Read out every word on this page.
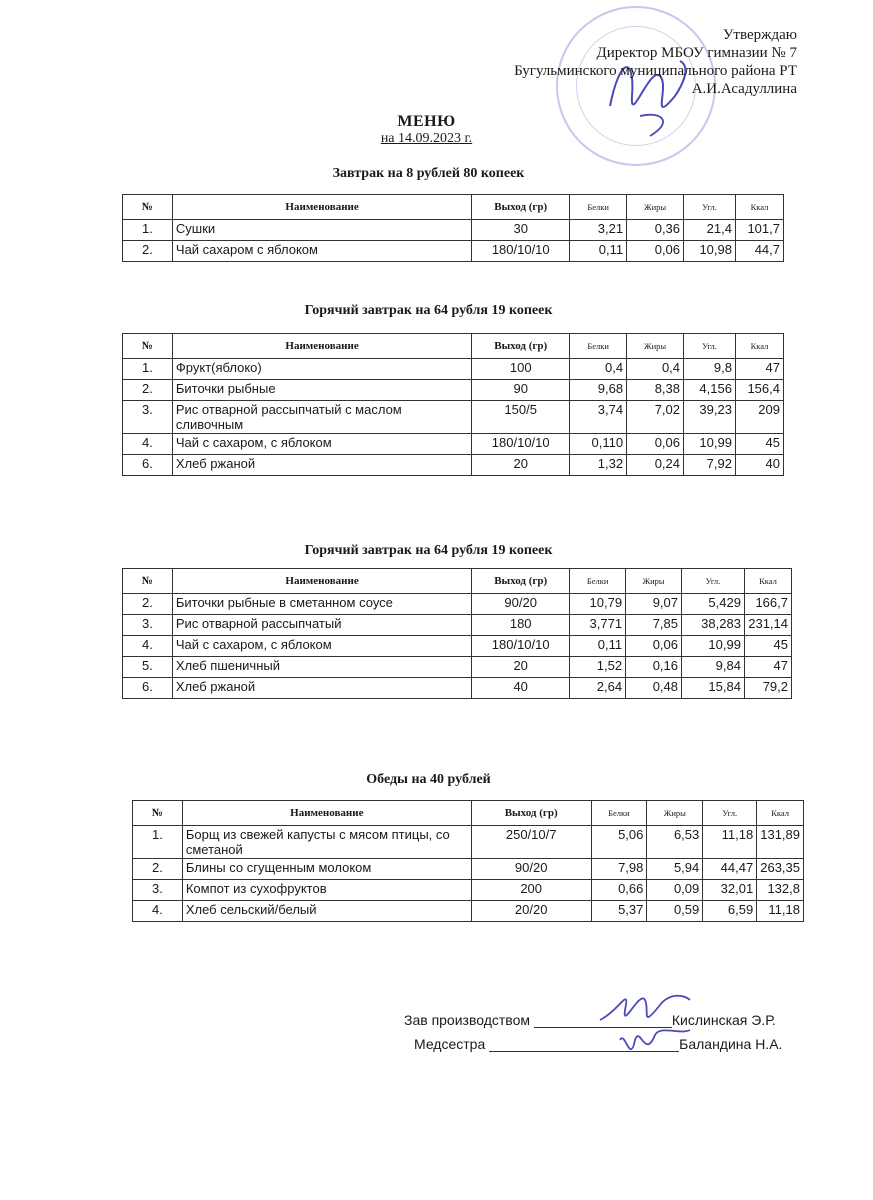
Утверждаю
Директор МБОУ гимназии № 7
Бугульминского муниципального района РТ
А.И.Асадуллина
МЕНЮ
на 14.09.2023 г.
Завтрак на 8 рублей 80 копеек
№	Наименование	Выход (гр)	Белки	Жиры	Угл.	Ккал
1.	Сушки	30	3,21	0,36	21,4	101,7
2.	Чай сахаром с яблоком	180/10/10	0,11	0,06	10,98	44,7
Горячий завтрак на 64 рубля 19 копеек
№	Наименование	Выход (гр)	Белки	Жиры	Угл.	Ккал
1.	Фрукт(яблоко)	100	0,4	0,4	9,8	47
2.	Биточки рыбные	90	9,68	8,38	4,156	156,4
3.	Рис отварной рассыпчатый с маслом сливочным	150/5	3,74	7,02	39,23	209
4.	Чай с сахаром, с яблоком	180/10/10	0,110	0,06	10,99	45
6.	Хлеб ржаной	20	1,32	0,24	7,92	40
Горячий завтрак на 64 рубля 19 копеек
№	Наименование	Выход (гр)	Белки	Жиры	Угл.	Ккал
2.	Биточки рыбные в сметанном соусе	90/20	10,79	9,07	5,429	166,7
3.	Рис отварной рассыпчатый	180	3,771	7,85	38,283	231,14
4.	Чай с сахаром, с яблоком	180/10/10	0,11	0,06	10,99	45
5.	Хлеб пшеничный	20	1,52	0,16	9,84	47
6.	Хлеб ржаной	40	2,64	0,48	15,84	79,2
Обеды на 40 рублей
№	Наименование	Выход (гр)	Белки	Жиры	Угл.	Ккал
1.	Борщ из свежей капусты с мясом птицы, со сметаной	250/10/7	5,06	6,53	11,18	131,89
2.	Блины со сгущенным молоком	90/20	7,98	5,94	44,47	263,35
3.	Компот из сухофруктов	200	0,66	0,09	32,01	132,8
4.	Хлеб сельский/белый	20/20	5,37	0,59	6,59	11,18
Зав производством	Кислинская Э.Р.
Медсестра	Баландина Н.А.
